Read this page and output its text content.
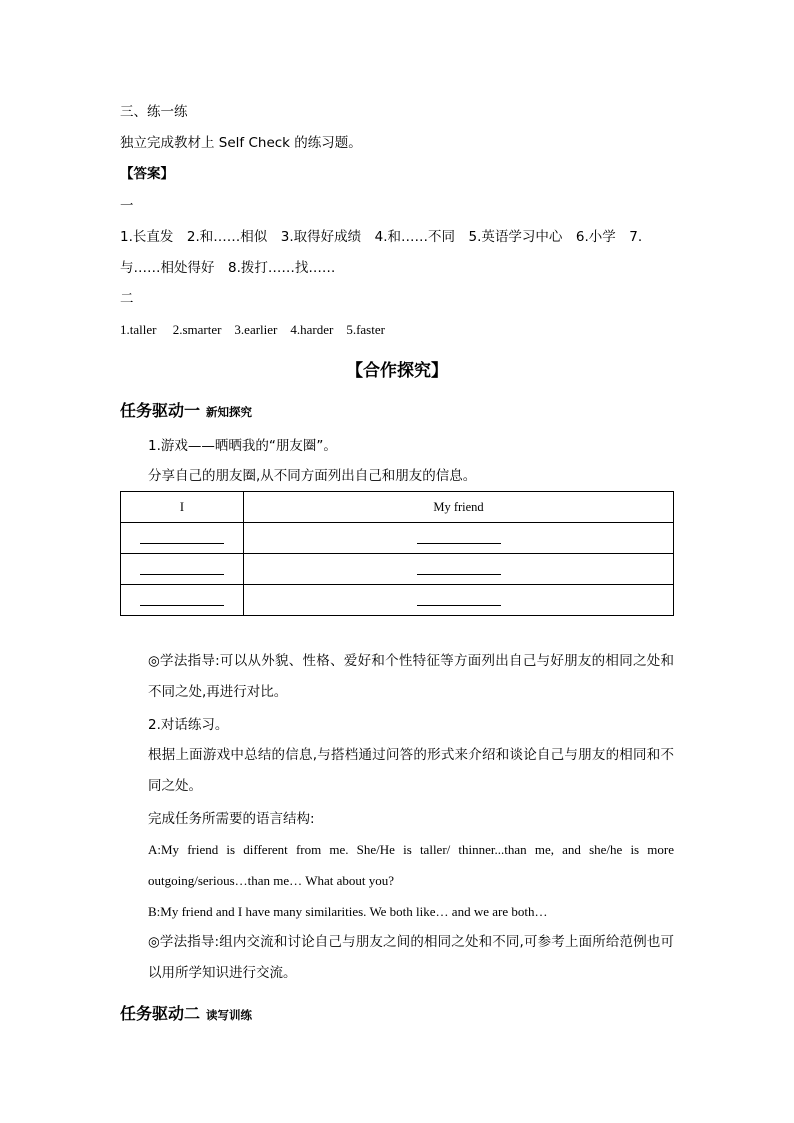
三、练一练
独立完成教材上 Self Check 的练习题。
【答案】
一
1.长直发　2.和……相似　3.取得好成绩　4.和……不同　5.英语学习中心　6.小学　7.
与……相处得好　8.拨打……找……
二
1.taller　 2.smarter　3.earlier　4.harder　5.faster
【合作探究】
任务驱动一 新知探究
1.游戏——晒晒我的“朋友圈”。
分享自己的朋友圈,从不同方面列出自己和朋友的信息。
I	My friend

◎学法指导:可以从外貌、性格、爱好和个性特征等方面列出自己与好朋友的相同之处和不同之处,再进行对比。
2.对话练习。
根据上面游戏中总结的信息,与搭档通过问答的形式来介绍和谈论自己与朋友的相同和不同之处。
完成任务所需要的语言结构:
A:My friend is different from me. She/He is taller/ thinner...than me, and she/he is more outgoing/serious…than me… What about you?
B:My friend and I have many similarities. We both like… and we are both…
◎学法指导:组内交流和讨论自己与朋友之间的相同之处和不同,可参考上面所给范例也可以用所学知识进行交流。
任务驱动二 读写训练
